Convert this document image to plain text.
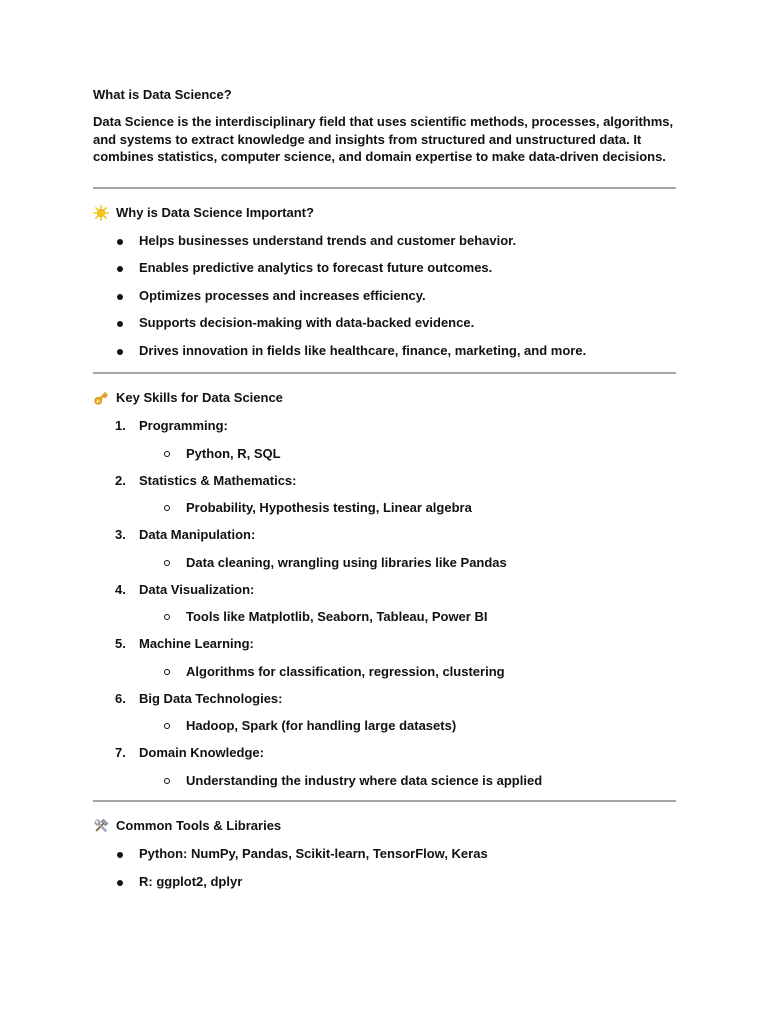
What is Data Science?

Data Science is the interdisciplinary field that uses scientific methods, processes, algorithms, and systems to extract knowledge and insights from structured and unstructured data. It combines statistics, computer science, and domain expertise to make data-driven decisions.

Why is Data Science Important?
Helps businesses understand trends and customer behavior.
Enables predictive analytics to forecast future outcomes.
Optimizes processes and increases efficiency.
Supports decision-making with data-backed evidence.
Drives innovation in fields like healthcare, finance, marketing, and more.
Key Skills for Data Science
1. Programming:
Python, R, SQL
2. Statistics & Mathematics:
Probability, Hypothesis testing, Linear algebra
3. Data Manipulation:
Data cleaning, wrangling using libraries like Pandas
4. Data Visualization:
Tools like Matplotlib, Seaborn, Tableau, Power BI
5. Machine Learning:
Algorithms for classification, regression, clustering
6. Big Data Technologies:
Hadoop, Spark (for handling large datasets)
7. Domain Knowledge:
Understanding the industry where data science is applied
Common Tools & Libraries
Python: NumPy, Pandas, Scikit-learn, TensorFlow, Keras
R: ggplot2, dplyr
